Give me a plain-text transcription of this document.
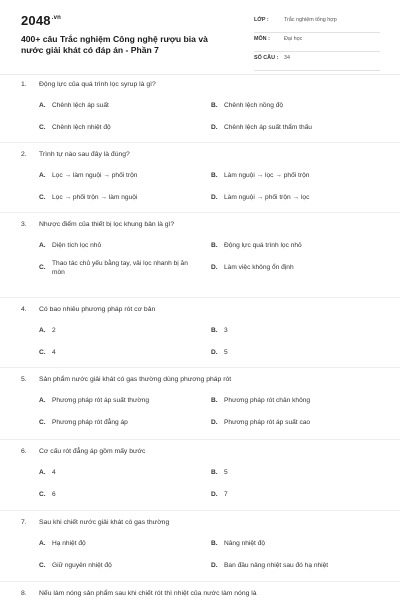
$2048^{.vn}$
400+ câu Trắc nghiệm Công nghệ rượu bia và nước giải khát có đáp án - Phần 7
LỚP :	Trắc nghiệm tổng hợp
MÔN :	Đại học
SỐ CÂU : 34
1. Động lực của quá trình lọc syrup là gì?
A. Chênh lệch áp suất	B. Chênh lệch nồng độ
C. Chênh lệch nhiệt độ	D. Chênh lệch áp suất thẩm thấu
2. Trình tự nào sau đây là đúng?
A. Lọc → làm nguội → phối trộn	B. Làm nguội → lọc → phối trộn
C. Lọc → phối trộn → làm nguội	D. Làm nguội → phối trộn → lọc
3. Nhược điểm của thiết bị lọc khung bản là gì?
A. Diện tích lọc nhỏ	B. Động lực quá trình lọc nhỏ
C.
Thao tác chủ yếu bằng tay, vải lọc nhanh bị ăn mòn
D. Làm việc không ổn định
4. Có bao nhiêu phương pháp rót cơ bản
A. 2	B. 3
C. 4	D. 5
5. Sản phẩm nước giải khát có gas thường dùng phương pháp rót
A. Phương pháp rót áp suất thường	B. Phương pháp rót chân không
C. Phương pháp rót đẳng áp	D. Phương pháp rót áp suất cao
6. Cơ cấu rót đẳng áp gồm mấy bước
A. 4	B. 5
C. 6	D. 7
7. Sau khi chiết nước giải khát có gas thường
A. Hạ nhiệt độ	B. Nâng nhiệt độ
C. Giữ nguyên nhiệt độ	D. Ban đầu nâng nhiệt sau đó hạ nhiệt
8. Nếu làm nóng sản phẩm sau khi chiết rót thì nhiệt của nước làm nóng là
